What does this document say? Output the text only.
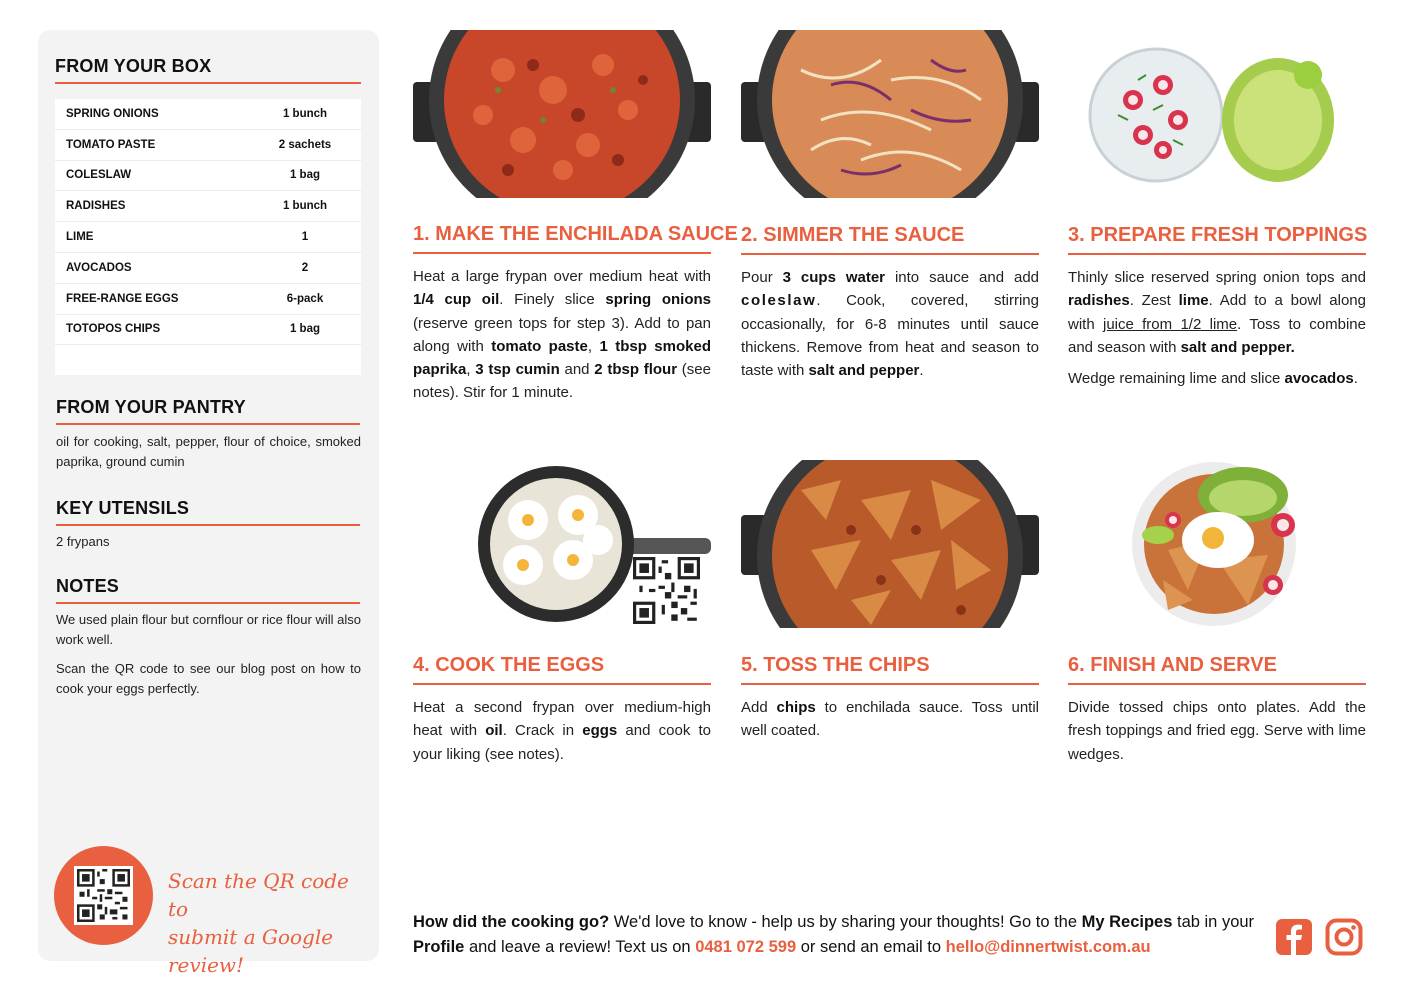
FROM YOUR BOX
SPRING ONIONS	1 bunch
TOMATO PASTE	2 sachets
COLESLAW	1 bag
RADISHES	1 bunch
LIME	1
AVOCADOS	2
FREE-RANGE EGGS	6-pack
TOTOPOS CHIPS	1 bag
FROM YOUR PANTRY
oil for cooking, salt, pepper, flour of choice, smoked paprika, ground cumin
KEY UTENSILS
2 frypans
NOTES
We used plain flour but cornflour or rice flour will also work well.
Scan the QR code to see our blog post on how to cook your eggs perfectly.
Scan the QR code to
submit a Google review!
1. MAKE THE ENCHILADA SAUCE

Heat a large frypan over medium heat with 1/4 cup oil. Finely slice spring onions (reserve green tops for step 3). Add to pan along with tomato paste, 1 tbsp smoked paprika, 3 tsp cumin and 2 tbsp flour (see notes). Stir for 1 minute.

2. SIMMER THE SAUCE

Pour 3 cups water into sauce and add coleslaw. Cook, covered, stirring occasionally, for 6-8 minutes until sauce thickens. Remove from heat and season to taste with salt and pepper.

3. PREPARE FRESH TOPPINGS

Thinly slice reserved spring onion tops and radishes. Zest lime. Add to a bowl along with juice from 1/2 lime. Toss to combine and season with salt and pepper.

Wedge remaining lime and slice avocados.

4. COOK THE EGGS

Heat a second frypan over medium-high heat with oil. Crack in eggs and cook to your liking (see notes).

5. TOSS THE CHIPS

Add chips to enchilada sauce. Toss until well coated.

6. FINISH AND SERVE

Divide tossed chips onto plates. Add the fresh toppings and fried egg. Serve with lime wedges.

How did the cooking go? We'd love to know - help us by sharing your thoughts! Go to the My Recipes tab in your Profile and leave a review! Text us on 0481 072 599 or send an email to hello@dinnertwist.com.au
